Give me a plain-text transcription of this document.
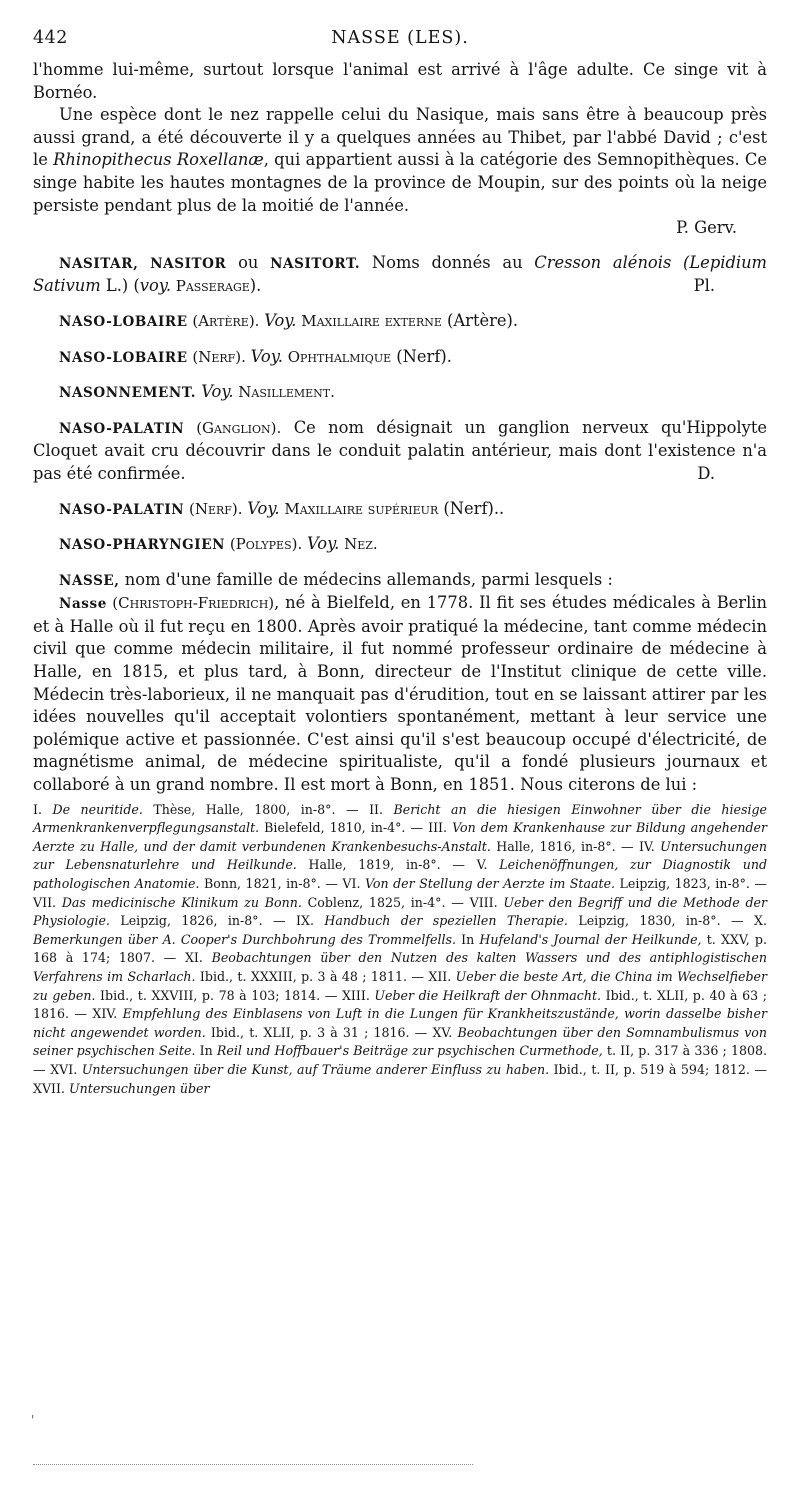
442	NASSE (LES).

l'homme lui-même, surtout lorsque l'animal est arrivé à l'âge adulte. Ce singe vit à Bornéo.

Une espèce dont le nez rappelle celui du Nasique, mais sans être à beaucoup près aussi grand, a été découverte il y a quelques années au Thibet, par l'abbé David ; c'est le Rhinopithecus Roxellanæ, qui appartient aussi à la catégorie des Semnopithèques. Ce singe habite les hautes montagnes de la province de Moupin, sur des points où la neige persiste pendant plus de la moitié de l'année.

P. Gerv.

NASITAR, NASITOR ou NASITORT. Noms donnés au Cresson alénois (Lepidium Sativum L.) (voy. Passerage).	Pl.

NASO-LOBAIRE (Artère). Voy. Maxillaire externe (Artère).

NASO-LOBAIRE (Nerf). Voy. Ophthalmique (Nerf).

NASONNEMENT. Voy. Nasillement.

NASO-PALATIN (Ganglion). Ce nom désignait un ganglion nerveux qu'Hippolyte Cloquet avait cru découvrir dans le conduit palatin antérieur, mais dont l'existence n'a pas été confirmée.	D.

NASO-PALATIN (Nerf). Voy. Maxillaire supérieur (Nerf)..

NASO-PHARYNGIEN (Polypes). Voy. Nez.

NASSE, nom d'une famille de médecins allemands, parmi lesquels :

Nasse (Christoph-Friedrich), né à Bielfeld, en 1778. Il fit ses études médicales à Berlin et à Halle où il fut reçu en 1800. Après avoir pratiqué la médecine, tant comme médecin civil que comme médecin militaire, il fut nommé professeur ordinaire de médecine à Halle, en 1815, et plus tard, à Bonn, directeur de l'Institut clinique de cette ville. Médecin très-laborieux, il ne manquait pas d'érudition, tout en se laissant attirer par les idées nouvelles qu'il acceptait volontiers spontanément, mettant à leur service une polémique active et passionnée. C'est ainsi qu'il s'est beaucoup occupé d'électricité, de magnétisme animal, de médecine spiritualiste, qu'il a fondé plusieurs journaux et collaboré à un grand nombre. Il est mort à Bonn, en 1851. Nous citerons de lui :

I. De neuritide. Thèse, Halle, 1800, in-8°. — II. Bericht an die hiesigen Einwohner über die hiesige Armenkrankenverpflegungsanstalt. Bielefeld, 1810, in-4°. — III. Von dem Krankenhause zur Bildung angehender Aerzte zu Halle, und der damit verbundenen Krankenbesuchs-Anstalt. Halle, 1816, in-8°. — IV. Untersuchungen zur Lebensnaturlehre und Heilkunde. Halle, 1819, in-8°. — V. Leichenöffnungen, zur Diagnostik und pathologischen Anatomie. Bonn, 1821, in-8°. — VI. Von der Stellung der Aerzte im Staate. Leipzig, 1823, in-8°. — VII. Das medicinische Klinikum zu Bonn. Coblenz, 1825, in-4°. — VIII. Ueber den Begriff und die Methode der Physiologie. Leipzig, 1826, in-8°. — IX. Handbuch der speziellen Therapie. Leipzig, 1830, in-8°. — X. Bemerkungen über A. Cooper's Durchbohrung des Trommelfells. In Hufeland's Journal der Heilkunde, t. XXV, p. 168 à 174; 1807. — XI. Beobachtungen über den Nutzen des kalten Wassers und des antiphlogistischen Verfahrens im Scharlach. Ibid., t. XXXIII, p. 3 à 48 ; 1811. — XII. Ueber die beste Art, die China im Wechselfieber zu geben. Ibid., t. XXVIII, p. 78 à 103; 1814. — XIII. Ueber die Heilkraft der Ohnmacht. Ibid., t. XLII, p. 40 à 63 ; 1816. — XIV. Empfehlung des Einblasens von Luft in die Lungen für Krankheitszustände, worin dasselbe bisher nicht angewendet worden. Ibid., t. XLII, p. 3 à 31 ; 1816. — XV. Beobachtungen über den Somnambulismus von seiner psychischen Seite. In Reil und Hoffbauer's Beiträge zur psychischen Curmethode, t. II, p. 317 à 336 ; 1808. — XVI. Untersuchungen über die Kunst, auf Träume anderer Einfluss zu haben. Ibid., t. II, p. 519 à 594; 1812. — XVII. Untersuchungen über

'
